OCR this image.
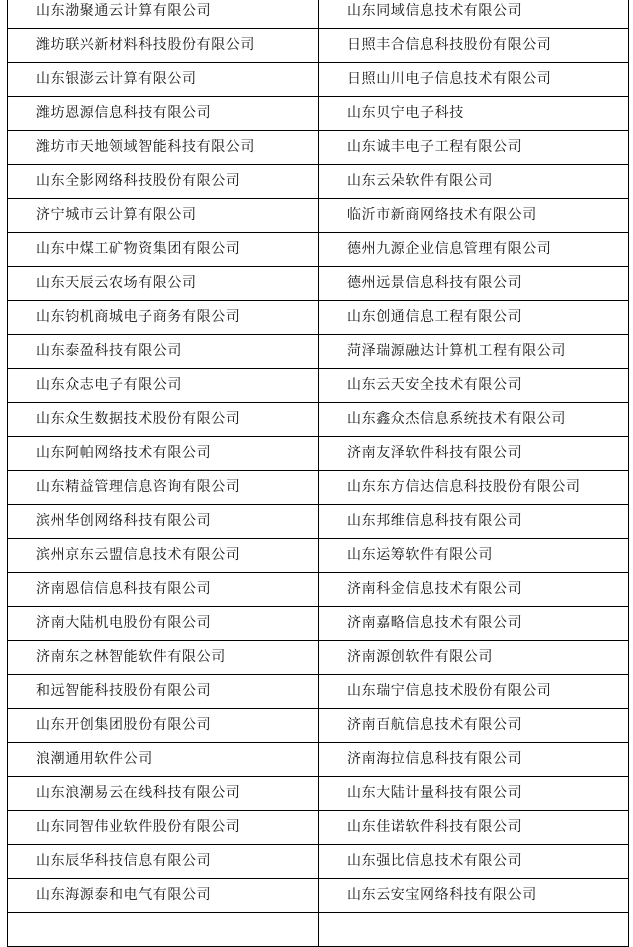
山东渤聚通云计算有限公司	山东同域信息技术有限公司
潍坊联兴新材料科技股份有限公司	日照丰合信息科技股份有限公司
山东银澎云计算有限公司	日照山川电子信息技术有限公司
潍坊恩源信息科技有限公司	山东贝宁电子科技
潍坊市天地领域智能科技有限公司	山东诚丰电子工程有限公司
山东全影网络科技股份有限公司	山东云朵软件有限公司
济宁城市云计算有限公司	临沂市新商网络技术有限公司
山东中煤工矿物资集团有限公司	德州九源企业信息管理有限公司
山东天辰云农场有限公司	德州远景信息科技有限公司
山东钧机商城电子商务有限公司	山东创通信息工程有限公司
山东泰盈科技有限公司	菏泽瑞源融达计算机工程有限公司
山东众志电子有限公司	山东云天安全技术有限公司
山东众生数据技术股份有限公司	山东鑫众杰信息系统技术有限公司
山东阿帕网络技术有限公司	济南友泽软件科技有限公司
山东精益管理信息咨询有限公司	山东东方信达信息科技股份有限公司
滨州华创网络科技有限公司	山东邦维信息科技有限公司
滨州京东云盟信息技术有限公司	山东运筹软件有限公司
济南恩信信息科技有限公司	济南科金信息技术有限公司
济南大陆机电股份有限公司	济南嘉略信息技术有限公司
济南东之林智能软件有限公司	济南源创软件有限公司
和远智能科技股份有限公司	山东瑞宁信息技术股份有限公司
山东开创集团股份有限公司	济南百航信息技术有限公司
浪潮通用软件公司	济南海拉信息科技有限公司
山东浪潮易云在线科技有限公司	山东大陆计量科技有限公司
山东同智伟业软件股份有限公司	山东佳诺软件科技有限公司
山东辰华科技信息有限公司	山东强比信息技术有限公司
山东海源泰和电气有限公司	山东云安宝网络科技有限公司
